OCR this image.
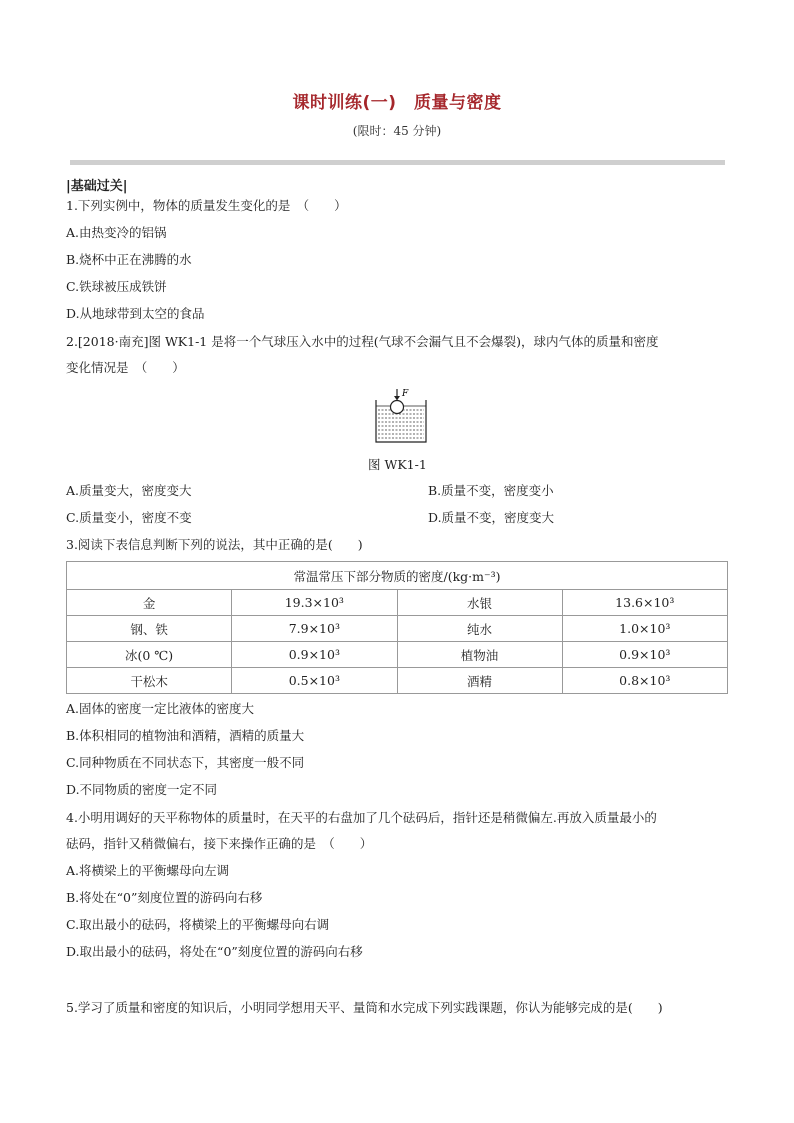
课时训练(一)　质量与密度
(限时：45 分钟)
|基础过关|
1.下列实例中，物体的质量发生变化的是　（　　）
A.由热变冷的铝锅
B.烧杯中正在沸腾的水
C.铁球被压成铁饼
D.从地球带到太空的食品
2.[2018·南充]图 WK1-1 是将一个气球压入水中的过程(气球不会漏气且不会爆裂)，球内气体的质量和密度
变化情况是　（　　）
F
图 WK1-1
A.质量变大，密度变大	B.质量不变，密度变小
C.质量变小，密度不变	D.质量不变，密度变大
3.阅读下表信息判断下列的说法，其中正确的是(　　)
常温常压下部分物质的密度/(kg·m⁻³)			
金	19.3×10³	水银	13.6×10³
钢、铁	7.9×10³	纯水	1.0×10³
冰(0 ℃)	0.9×10³	植物油	0.9×10³
干松木	0.5×10³	酒精	0.8×10³
A.固体的密度一定比液体的密度大
B.体积相同的植物油和酒精，酒精的质量大
C.同种物质在不同状态下，其密度一般不同
D.不同物质的密度一定不同
4.小明用调好的天平称物体的质量时，在天平的右盘加了几个砝码后，指针还是稍微偏左.再放入质量最小的
砝码，指针又稍微偏右，接下来操作正确的是　（　　）
A.将横梁上的平衡螺母向左调
B.将处在“0”刻度位置的游码向右移
C.取出最小的砝码，将横梁上的平衡螺母向右调
D.取出最小的砝码，将处在“0”刻度位置的游码向右移
5.学习了质量和密度的知识后，小明同学想用天平、量筒和水完成下列实践课题，你认为能够完成的是(　　)
